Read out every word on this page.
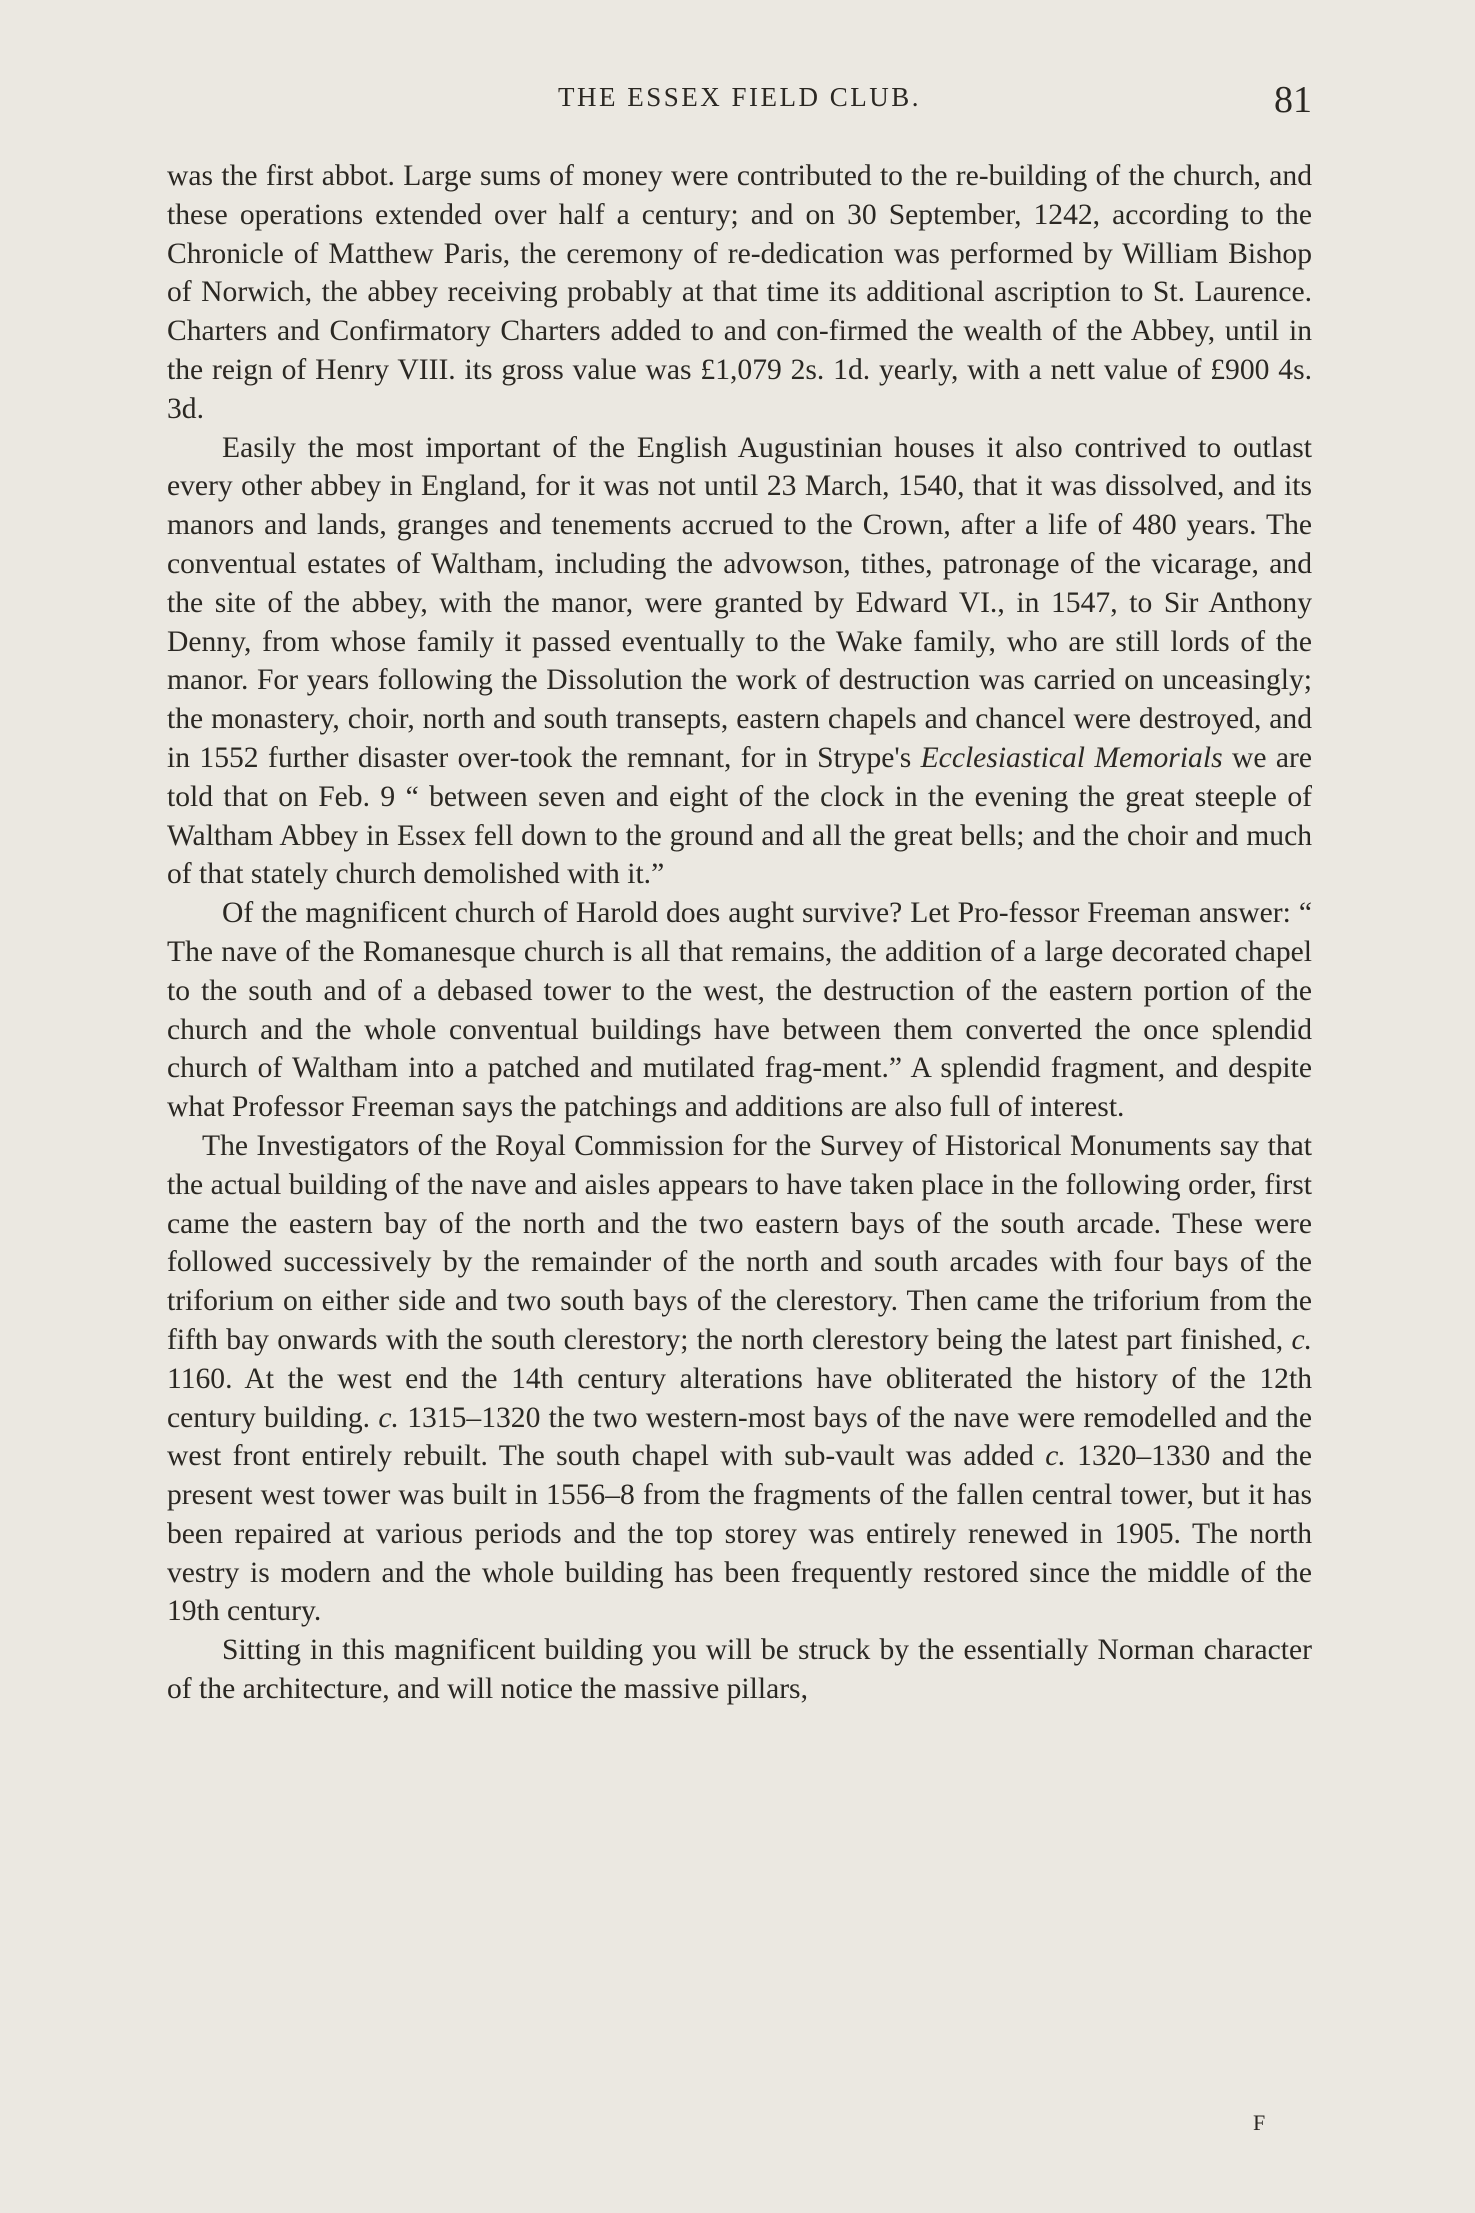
THE ESSEX FIELD CLUB.	81

was the first abbot. Large sums of money were contributed to the re-building of the church, and these operations extended over half a century; and on 30 September, 1242, according to the Chronicle of Matthew Paris, the ceremony of re-dedication was performed by William Bishop of Norwich, the abbey receiving probably at that time its additional ascription to St. Laurence. Charters and Confirmatory Charters added to and con-firmed the wealth of the Abbey, until in the reign of Henry VIII. its gross value was £1,079 2s. 1d. yearly, with a nett value of £900 4s. 3d.

Easily the most important of the English Augustinian houses it also contrived to outlast every other abbey in England, for it was not until 23 March, 1540, that it was dissolved, and its manors and lands, granges and tenements accrued to the Crown, after a life of 480 years. The conventual estates of Waltham, including the advowson, tithes, patronage of the vicarage, and the site of the abbey, with the manor, were granted by Edward VI., in 1547, to Sir Anthony Denny, from whose family it passed eventually to the Wake family, who are still lords of the manor. For years following the Dissolution the work of destruction was carried on unceasingly; the monastery, choir, north and south transepts, eastern chapels and chancel were destroyed, and in 1552 further disaster over-took the remnant, for in Strype's Ecclesiastical Memorials we are told that on Feb. 9 “ between seven and eight of the clock in the evening the great steeple of Waltham Abbey in Essex fell down to the ground and all the great bells; and the choir and much of that stately church demolished with it.”

Of the magnificent church of Harold does aught survive? Let Pro-fessor Freeman answer: “ The nave of the Romanesque church is all that remains, the addition of a large decorated chapel to the south and of a debased tower to the west, the destruction of the eastern portion of the church and the whole conventual buildings have between them converted the once splendid church of Waltham into a patched and mutilated frag-ment.” A splendid fragment, and despite what Professor Freeman says the patchings and additions are also full of interest.

The Investigators of the Royal Commission for the Survey of Historical Monuments say that the actual building of the nave and aisles appears to have taken place in the following order, first came the eastern bay of the north and the two eastern bays of the south arcade. These were followed successively by the remainder of the north and south arcades with four bays of the triforium on either side and two south bays of the clerestory. Then came the triforium from the fifth bay onwards with the south clerestory; the north clerestory being the latest part finished, c. 1160. At the west end the 14th century alterations have obliterated the history of the 12th century building. c. 1315–1320 the two western-most bays of the nave were remodelled and the west front entirely rebuilt. The south chapel with sub-vault was added c. 1320–1330 and the present west tower was built in 1556–8 from the fragments of the fallen central tower, but it has been repaired at various periods and the top storey was entirely renewed in 1905. The north vestry is modern and the whole building has been frequently restored since the middle of the 19th century.

Sitting in this magnificent building you will be struck by the essentially Norman character of the architecture, and will notice the massive pillars,

F
